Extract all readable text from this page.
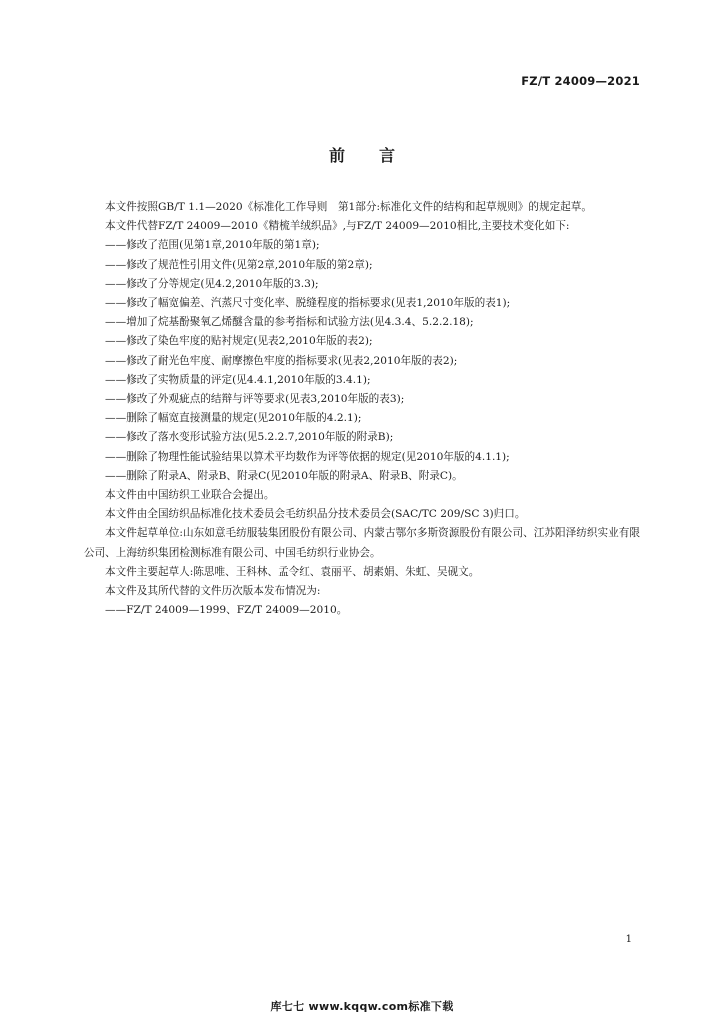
FZ/T 24009—2021
前言

本文件按照GB/T 1.1—2020《标准化工作导则　第1部分:标准化文件的结构和起草规则》的规定起草。

本文件代替FZ/T 24009—2010《精梳羊绒织品》,与FZ/T 24009—2010相比,主要技术变化如下:

——修改了范围(见第1章,2010年版的第1章);

——修改了规范性引用文件(见第2章,2010年版的第2章);

——修改了分等规定(见4.2,2010年版的3.3);

——修改了幅宽偏差、汽蒸尺寸变化率、脱缝程度的指标要求(见表1,2010年版的表1);

——增加了烷基酚聚氧乙烯醚含量的参考指标和试验方法(见4.3.4、5.2.2.18);

——修改了染色牢度的贴衬规定(见表2,2010年版的表2);

——修改了耐光色牢度、耐摩擦色牢度的指标要求(见表2,2010年版的表2);

——修改了实物质量的评定(见4.4.1,2010年版的3.4.1);

——修改了外观疵点的结辩与评等要求(见表3,2010年版的表3);

——删除了幅宽直接测量的规定(见2010年版的4.2.1);

——修改了落水变形试验方法(见5.2.2.7,2010年版的附录B);

——删除了物理性能试验结果以算术平均数作为评等依据的规定(见2010年版的4.1.1);

——删除了附录A、附录B、附录C(见2010年版的附录A、附录B、附录C)。

本文件由中国纺织工业联合会提出。

本文件由全国纺织品标准化技术委员会毛纺织品分技术委员会(SAC/TC 209/SC 3)归口。

本文件起草单位:山东如意毛纺服装集团股份有限公司、内蒙古鄂尔多斯资源股份有限公司、江苏阳泽纺织实业有限公司、上海纺织集团检测标准有限公司、中国毛纺织行业协会。

本文件主要起草人:陈思唯、王科林、孟令红、袁丽平、胡素娟、朱虹、吴砚文。

本文件及其所代替的文件历次版本发布情况为:

——FZ/T 24009—1999、FZ/T 24009—2010。

1
库七七 www.kqqw.com标准下载
